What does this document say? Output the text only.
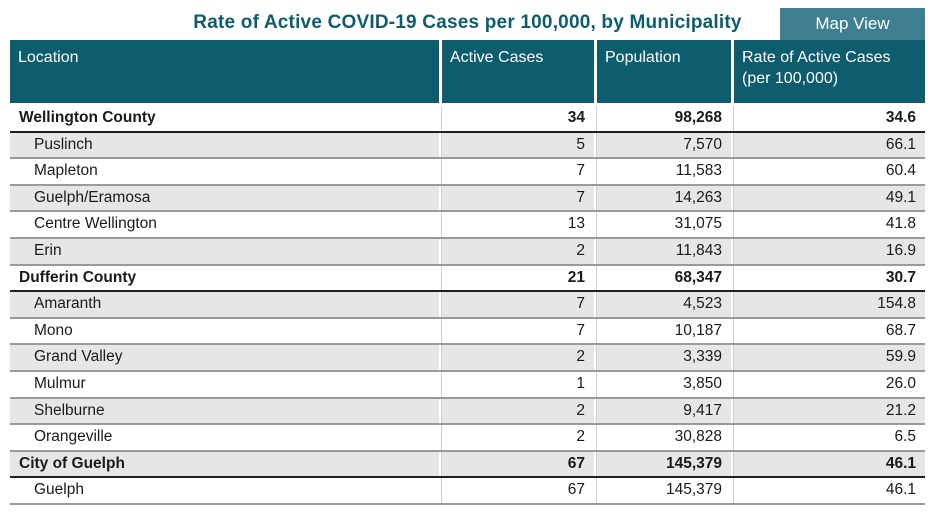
Rate of Active COVID-19 Cases per 100,000, by Municipality	Map View
Location	Active Cases	Population	Rate of Active Cases (per 100,000)
Wellington County	34	98,268	34.6
Puslinch	5	7,570	66.1
Mapleton	7	11,583	60.4
Guelph/Eramosa	7	14,263	49.1
Centre Wellington	13	31,075	41.8
Erin	2	11,843	16.9
Dufferin County	21	68,347	30.7
Amaranth	7	4,523	154.8
Mono	7	10,187	68.7
Grand Valley	2	3,339	59.9
Mulmur	1	3,850	26.0
Shelburne	2	9,417	21.2
Orangeville	2	30,828	6.5
City of Guelph	67	145,379	46.1
Guelph	67	145,379	46.1
